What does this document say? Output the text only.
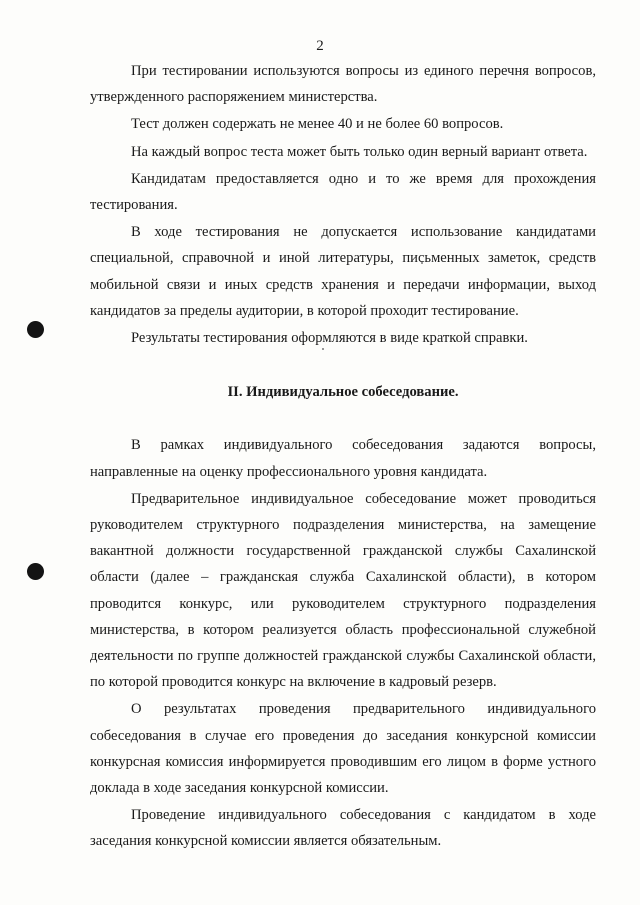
2

При тестировании используются вопросы из единого перечня вопросов, утвержденного распоряжением министерства.

Тест должен содержать не менее 40 и не более 60 вопросов.

На каждый вопрос теста может быть только один верный вариант ответа.

Кандидатам предоставляется одно и то же время для прохождения тестирования.

В ходе тестирования не допускается использование кандидатами специальной, справочной и иной литературы, письменных заметок, средств мобильной связи и иных средств хранения и передачи информации, выход кандидатов за пределы аудитории, в которой проходит тестирование.

Результаты тестирования оформляются в виде краткой справки.

II. Индивидуальное собеседование.

В рамках индивидуального собеседования задаются вопросы, направленные на оценку профессионального уровня кандидата.

Предварительное индивидуальное собеседование может проводиться руководителем структурного подразделения министерства, на замещение вакантной должности государственной гражданской службы Сахалинской области (далее – гражданская служба Сахалинской области), в котором проводится конкурс, или руководителем структурного подразделения министерства, в котором реализуется область профессиональной служебной деятельности по группе должностей гражданской службы Сахалинской области, по которой проводится конкурс на включение в кадровый резерв.

О результатах проведения предварительного индивидуального собеседования в случае его проведения до заседания конкурсной комиссии конкурсная комиссия информируется проводившим его лицом в форме устного доклада в ходе заседания конкурсной комиссии.

Проведение индивидуального собеседования с кандидатом в ходе заседания конкурсной комиссии является обязательным.
